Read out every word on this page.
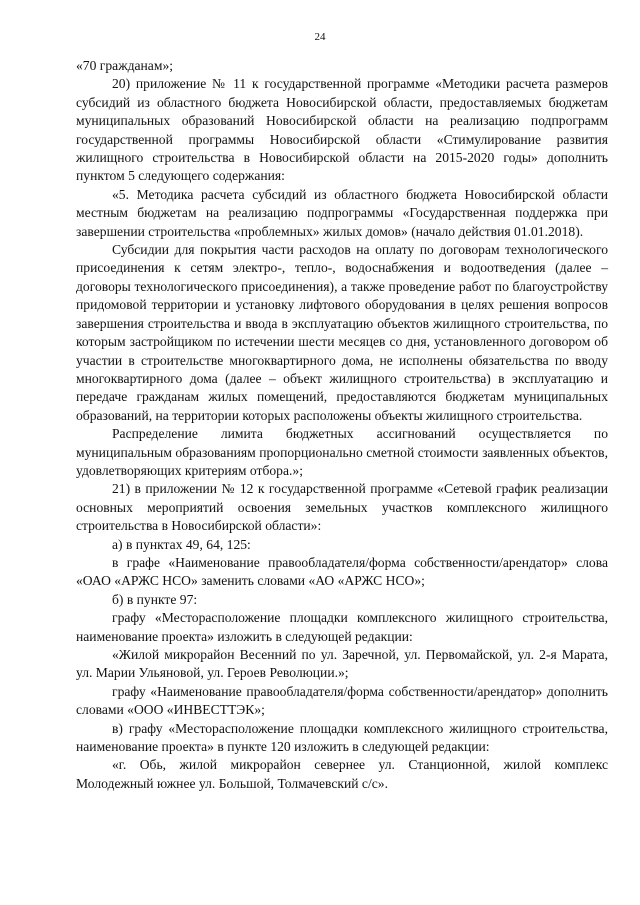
24

«70 гражданам»;

20) приложение № 11 к государственной программе «Методики расчета размеров субсидий из областного бюджета Новосибирской области, предоставляемых бюджетам муниципальных образований Новосибирской области на реализацию подпрограмм государственной программы Новосибирской области «Стимулирование развития жилищного строительства в Новосибирской области на 2015-2020 годы» дополнить пунктом 5 следующего содержания:

«5. Методика расчета субсидий из областного бюджета Новосибирской области местным бюджетам на реализацию подпрограммы «Государственная поддержка при завершении строительства «проблемных» жилых домов» (начало действия 01.01.2018).

Субсидии для покрытия части расходов на оплату по договорам технологического присоединения к сетям электро-, тепло-, водоснабжения и водоотведения (далее – договоры технологического присоединения), а также проведение работ по благоустройству придомовой территории и установку лифтового оборудования в целях решения вопросов завершения строительства и ввода в эксплуатацию объектов жилищного строительства, по которым застройщиком по истечении шести месяцев со дня, установленного договором об участии в строительстве многоквартирного дома, не исполнены обязательства по вводу многоквартирного дома (далее – объект жилищного строительства) в эксплуатацию и передаче гражданам жилых помещений, предоставляются бюджетам муниципальных образований, на территории которых расположены объекты жилищного строительства.

Распределение лимита бюджетных ассигнований осуществляется по муниципальным образованиям пропорционально сметной стоимости заявленных объектов, удовлетворяющих критериям отбора.»;

21) в приложении № 12 к государственной программе «Сетевой график реализации основных мероприятий освоения земельных участков комплексного жилищного строительства в Новосибирской области»:

а) в пунктах 49, 64, 125:

в графе «Наименование правообладателя/форма собственности/арендатор» слова «ОАО «АРЖС НСО» заменить словами «АО «АРЖС НСО»;

б) в пункте 97:

графу «Месторасположение площадки комплексного жилищного строительства, наименование проекта» изложить в следующей редакции:

«Жилой микрорайон Весенний по ул. Заречной, ул. Первомайской, ул. 2-я Марата, ул. Марии Ульяновой, ул. Героев Революции.»;

графу «Наименование правообладателя/форма собственности/арендатор» дополнить словами «ООО «ИНВЕСТТЭК»;

в) графу «Месторасположение площадки комплексного жилищного строительства, наименование проекта» в пункте 120 изложить в следующей редакции:

«г. Обь, жилой микрорайон севернее ул. Станционной, жилой комплекс Молодежный южнее ул. Большой, Толмачевский с/с».
